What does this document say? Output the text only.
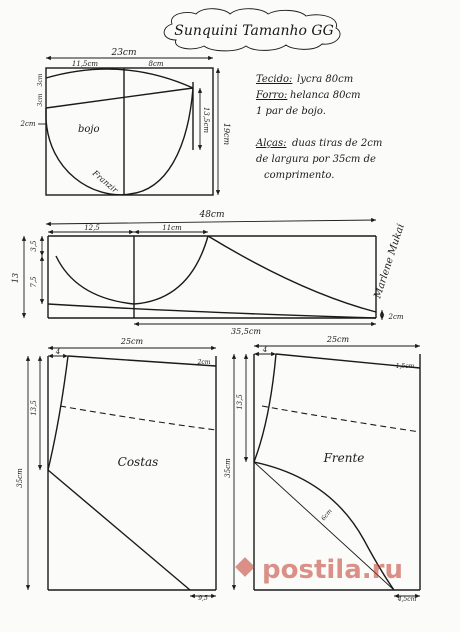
Sunquini Tamanho GG
23cm
11,5cm	8cm
3cm
3cm
2cm	13,5cm
19cm
bojo
Franzir
Tecido: lycra 80cm
Forro: helanca 80cm
1 par de bojo.
Alças: duas tiras de 2cm
de largura por 35cm de
comprimento.
48cm
12,5	11cm
3,5
7,5
13
35,5cm
2cm
Marlene Mukai
25cm
4
2cm
13,5
35cm
Costas
9,5
25cm
4
1,5cm
13,5
35cm
Frente
6cm
4,5cm
postila.ru
